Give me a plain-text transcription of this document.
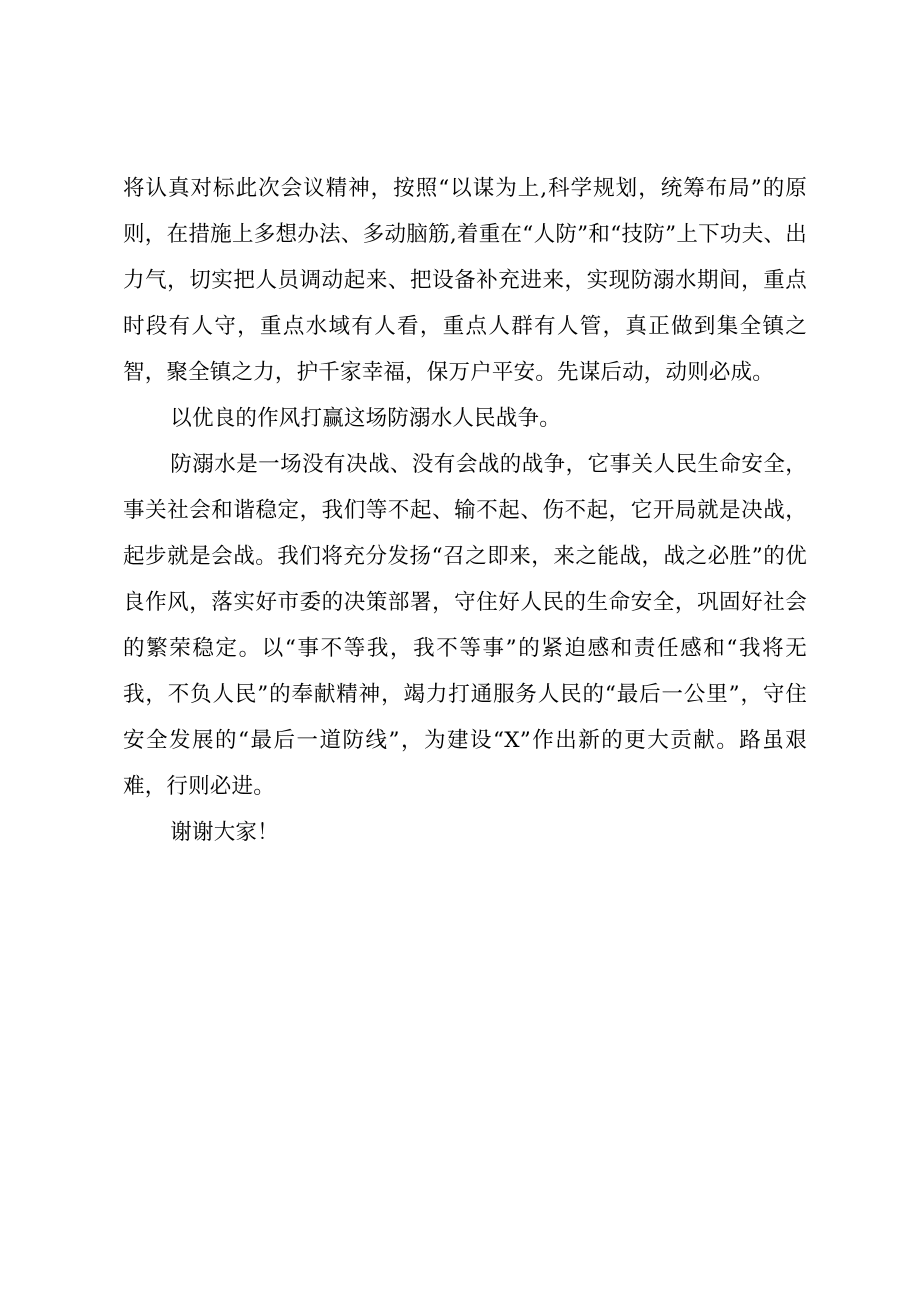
将认真对标此次会议精神，按照“以谋为上,科学规划，统筹布局”的原则，在措施上多想办法、多动脑筋,着重在“人防”和“技防”上下功夫、出力气，切实把人员调动起来、把设备补充进来，实现防溺水期间，重点时段有人守，重点水域有人看，重点人群有人管，真正做到集全镇之智，聚全镇之力，护千家幸福，保万户平安。先谋后动，动则必成。

以优良的作风打赢这场防溺水人民战争。

防溺水是一场没有决战、没有会战的战争，它事关人民生命安全，事关社会和谐稳定，我们等不起、输不起、伤不起，它开局就是决战，起步就是会战。我们将充分发扬“召之即来，来之能战，战之必胜”的优良作风，落实好市委的决策部署，守住好人民的生命安全，巩固好社会的繁荣稳定。以“事不等我，我不等事”的紧迫感和责任感和“我将无我，不负人民”的奉献精神，竭力打通服务人民的“最后一公里”，守住安全发展的“最后一道防线”，为建设“X”作出新的更大贡献。路虽艰难，行则必进。

谢谢大家！
